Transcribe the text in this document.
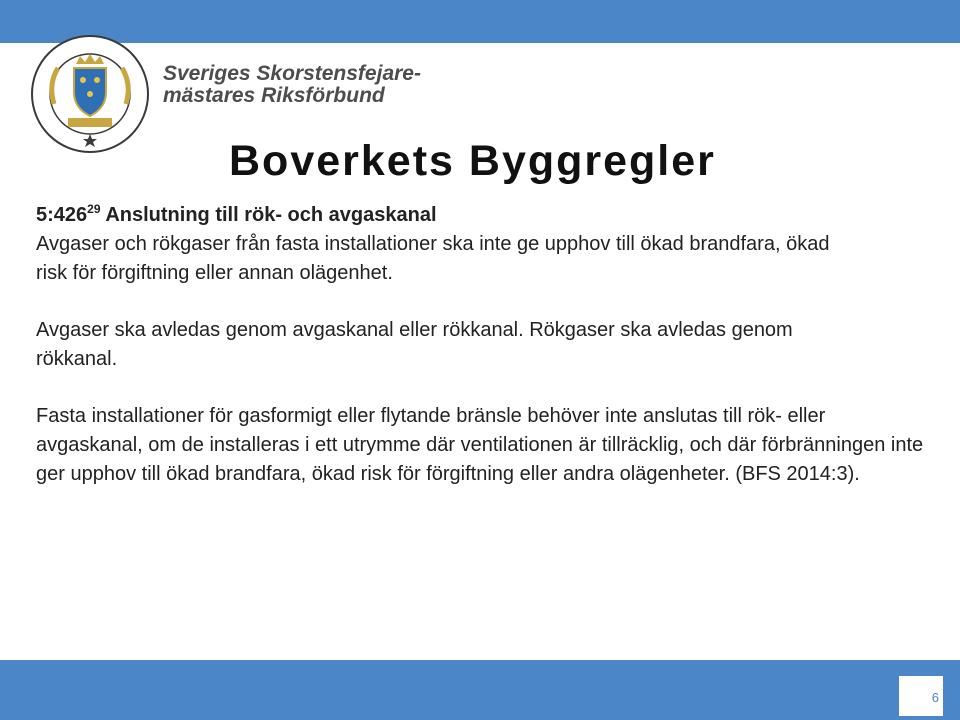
Sveriges Skorstensfejare-
mästares Riksförbund
Boverkets Byggregler
$5:426^{29}$ Anslutning till rök- och avgaskanal

Avgaser och rökgaser från fasta installationer ska inte ge upphov till ökad brandfara, ökad risk för förgiftning eller annan olägenhet.

Avgaser ska avledas genom avgaskanal eller rökkanal. Rökgaser ska avledas genom rökkanal.

Fasta installationer för gasformigt eller flytande bränsle behöver inte anslutas till rök- eller avgaskanal, om de installeras i ett utrymme där ventilationen är tillräcklig, och där förbränningen inte ger upphov till ökad brandfara, ökad risk för förgiftning eller andra olägenheter. (BFS 2014:3).

6
